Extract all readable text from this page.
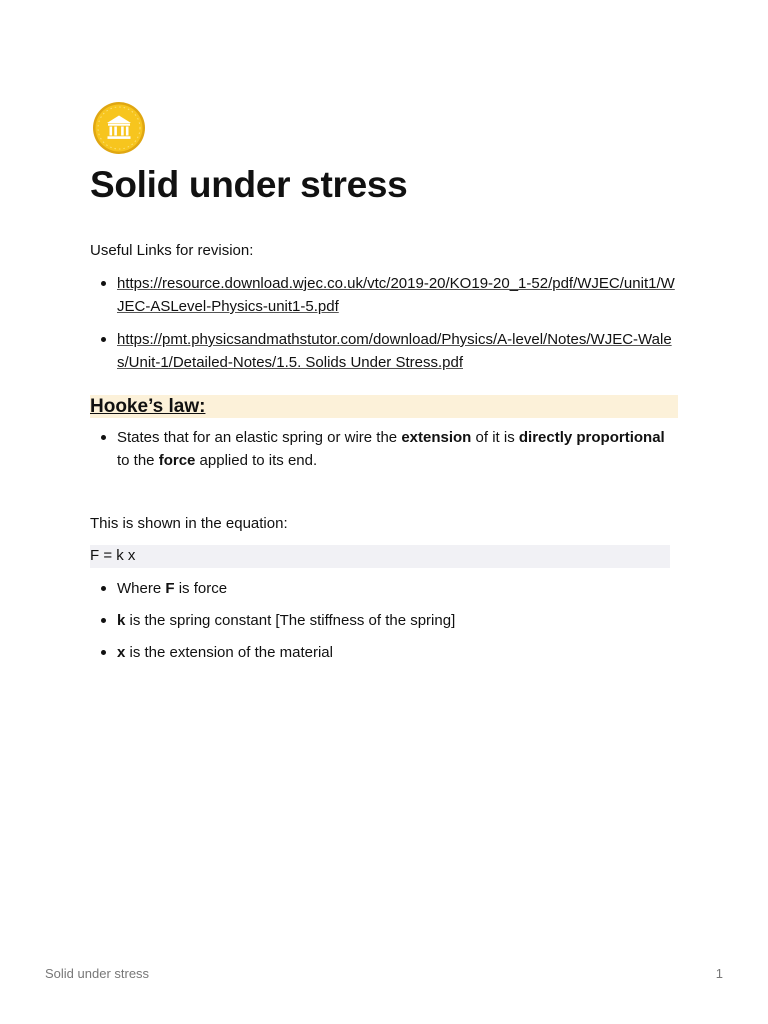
Solid under stress

Useful Links for revision:

https://resource.download.wjec.co.uk/vtc/2019-20/KO19-20_1-52/pdf/WJEC/unit1/WJEC-ASLevel-Physics-unit1-5.pdf
https://pmt.physicsandmathstutor.com/download/Physics/A-level/Notes/WJEC-Wales/Unit-1/Detailed-Notes/1.5. Solids Under Stress.pdf
Hooke’s law:
States that for an elastic spring or wire the extension of it is directly proportional to the force applied to its end.

This is shown in the equation:

F = k x
Where F is force
k is the spring constant [The stiffness of the spring]
x is the extension of the material
Solid under stress	1
